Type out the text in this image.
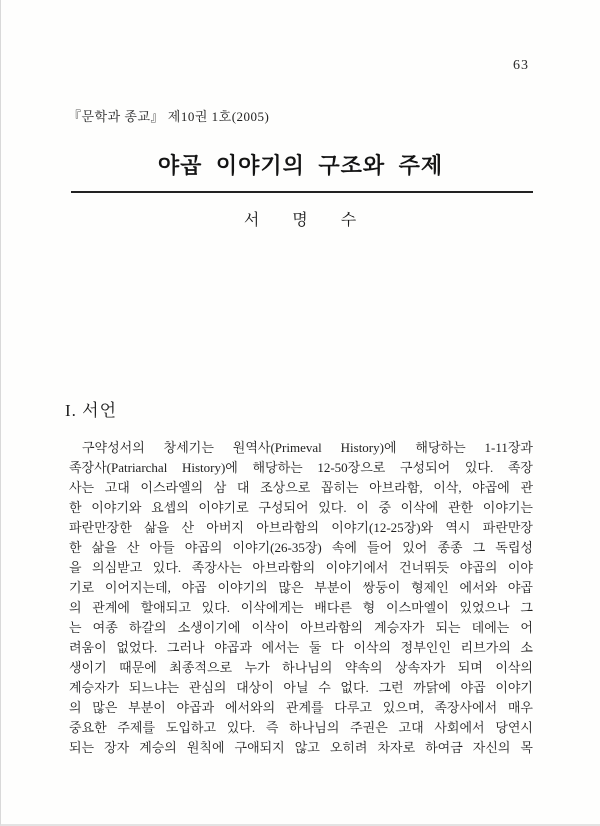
63
『문학과 종교』 제10권 1호(2005)
야곱 이야기의 구조와 주제
서 명 수
I. 서언
구약성서의 창세기는 원역사(Primeval History)에 해당하는 1-11장과
족장사(Patriarchal History)에 해당하는 12-50장으로 구성되어 있다. 족장
사는 고대 이스라엘의 삼 대 조상으로 꼽히는 아브라함, 이삭, 야곱에 관
한 이야기와 요셉의 이야기로 구성되어 있다. 이 중 이삭에 관한 이야기는
파란만장한 삶을 산 아버지 아브라함의 이야기(12-25장)와 역시 파란만장
한 삶을 산 아들 야곱의 이야기(26-35장) 속에 들어 있어 종종 그 독립성
을 의심받고 있다. 족장사는 아브라함의 이야기에서 건너뛰듯 야곱의 이야
기로 이어지는데, 야곱 이야기의 많은 부분이 쌍둥이 형제인 에서와 야곱
의 관계에 할애되고 있다. 이삭에게는 배다른 형 이스마엘이 있었으나 그
는 여종 하갈의 소생이기에 이삭이 아브라함의 계승자가 되는 데에는 어
려움이 없었다. 그러나 야곱과 에서는 둘 다 이삭의 정부인인 리브가의 소
생이기 때문에 최종적으로 누가 하나님의 약속의 상속자가 되며 이삭의
계승자가 되느냐는 관심의 대상이 아닐 수 없다. 그런 까닭에 야곱 이야기
의 많은 부분이 야곱과 에서와의 관계를 다루고 있으며, 족장사에서 매우
중요한 주제를 도입하고 있다. 즉 하나님의 주권은 고대 사회에서 당연시
되는 장자 계승의 원칙에 구애되지 않고 오히려 차자로 하여금 자신의 목
